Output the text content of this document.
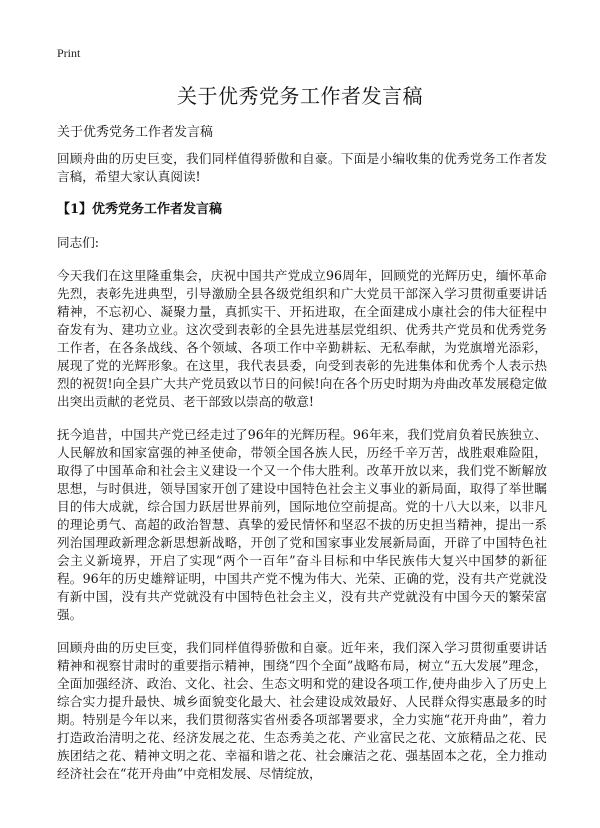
Print
关于优秀党务工作者发言稿

关于优秀党务工作者发言稿

回顾舟曲的历史巨变，我们同样值得骄傲和自豪。下面是小编收集的优秀党务工作者发言稿，希望大家认真阅读!

【1】优秀党务工作者发言稿

同志们:

今天我们在这里隆重集会，庆祝中国共产党成立96周年，回顾党的光辉历史，缅怀革命先烈，表彰先进典型，引导激励全县各级党组织和广大党员干部深入学习贯彻重要讲话精神，不忘初心、凝聚力量，真抓实干、开拓进取，在全面建成小康社会的伟大征程中奋发有为、建功立业。这次受到表彰的全县先进基层党组织、优秀共产党员和优秀党务工作者，在各条战线、各个领域、各项工作中辛勤耕耘、无私奉献，为党旗增光添彩，展现了党的光辉形象。在这里，我代表县委，向受到表彰的先进集体和优秀个人表示热烈的祝贺!向全县广大共产党员致以节日的问候!向在各个历史时期为舟曲改革发展稳定做出突出贡献的老党员、老干部致以崇高的敬意!

抚今追昔，中国共产党已经走过了96年的光辉历程。96年来，我们党肩负着民族独立、人民解放和国家富强的神圣使命，带领全国各族人民，历经千辛万苦，战胜艰难险阻，取得了中国革命和社会主义建设一个又一个伟大胜利。改革开放以来，我们党不断解放思想，与时俱进，领导国家开创了建设中国特色社会主义事业的新局面，取得了举世瞩目的伟大成就，综合国力跃居世界前列，国际地位空前提高。党的十八大以来，以非凡的理论勇气、高超的政治智慧、真挚的爱民情怀和坚忍不拔的历史担当精神，提出一系列治国理政新理念新思想新战略，开创了党和国家事业发展新局面，开辟了中国特色社会主义新境界，开启了实现“两个一百年”奋斗目标和中华民族伟大复兴中国梦的新征程。96年的历史雄辩证明，中国共产党不愧为伟大、光荣、正确的党，没有共产党就没有新中国，没有共产党就没有中国特色社会主义，没有共产党就没有中国今天的繁荣富强。

回顾舟曲的历史巨变，我们同样值得骄傲和自豪。近年来，我们深入学习贯彻重要讲话精神和视察甘肃时的重要指示精神，围绕“四个全面”战略布局，树立“五大发展”理念，全面加强经济、政治、文化、社会、生态文明和党的建设各项工作,使舟曲步入了历史上综合实力提升最快、城乡面貌变化最大、社会建设成效最好、人民群众得实惠最多的时期。特别是今年以来，我们贯彻落实省州委各项部署要求，全力实施“花开舟曲”，着力打造政治清明之花、经济发展之花、生态秀美之花、产业富民之花、文旅精品之花、民族团结之花、精神文明之花、幸福和谐之花、社会廉洁之花、强基固本之花，全力推动经济社会在“花开舟曲”中竞相发展、尽情绽放，
